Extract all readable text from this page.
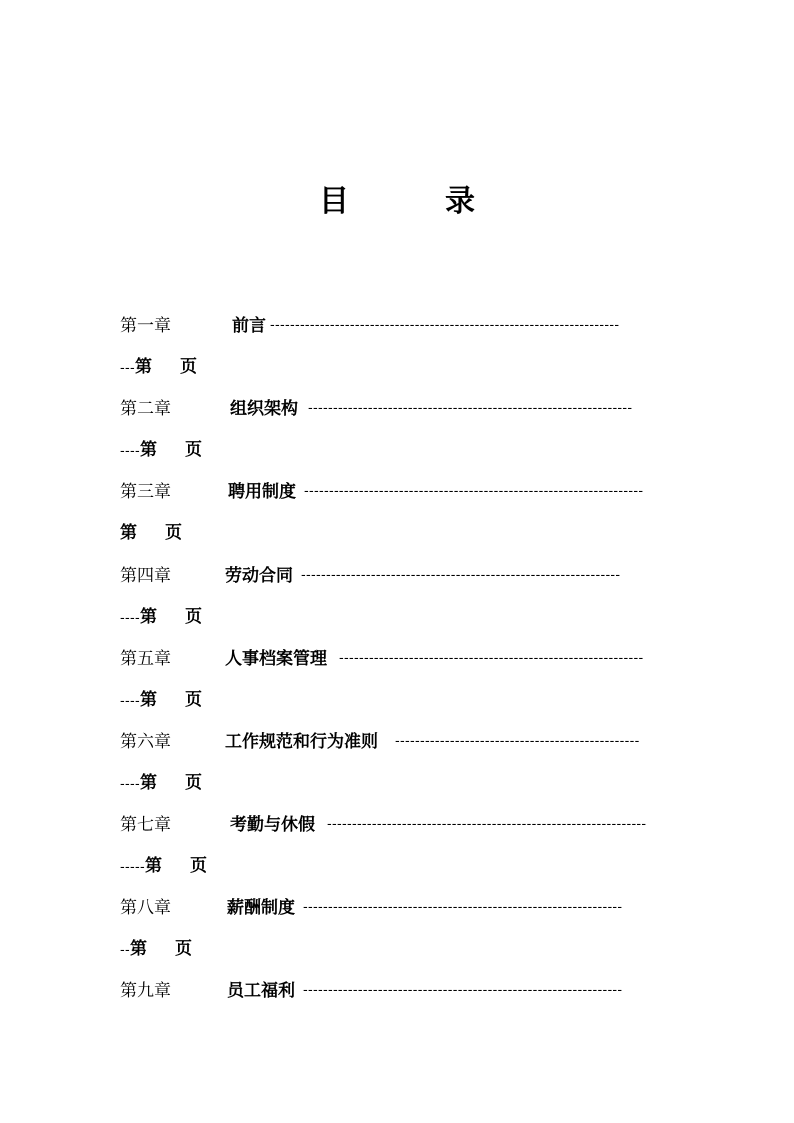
目	录
第一章	前言 ----------------------------------------------------------------------
---第 页
第二章	组织架构 -----------------------------------------------------------------
----第 页
第三章	聘用制度 --------------------------------------------------------------------
第 页
第四章	劳动合同 ----------------------------------------------------------------
----第 页
第五章	人事档案管理 -------------------------------------------------------------
----第 页
第六章	工作规范和行为准则 -------------------------------------------------
----第 页
第七章	考勤与休假 ----------------------------------------------------------------
-----第 页
第八章	薪酬制度 ----------------------------------------------------------------
--第 页
第九章	员工福利 ----------------------------------------------------------------
